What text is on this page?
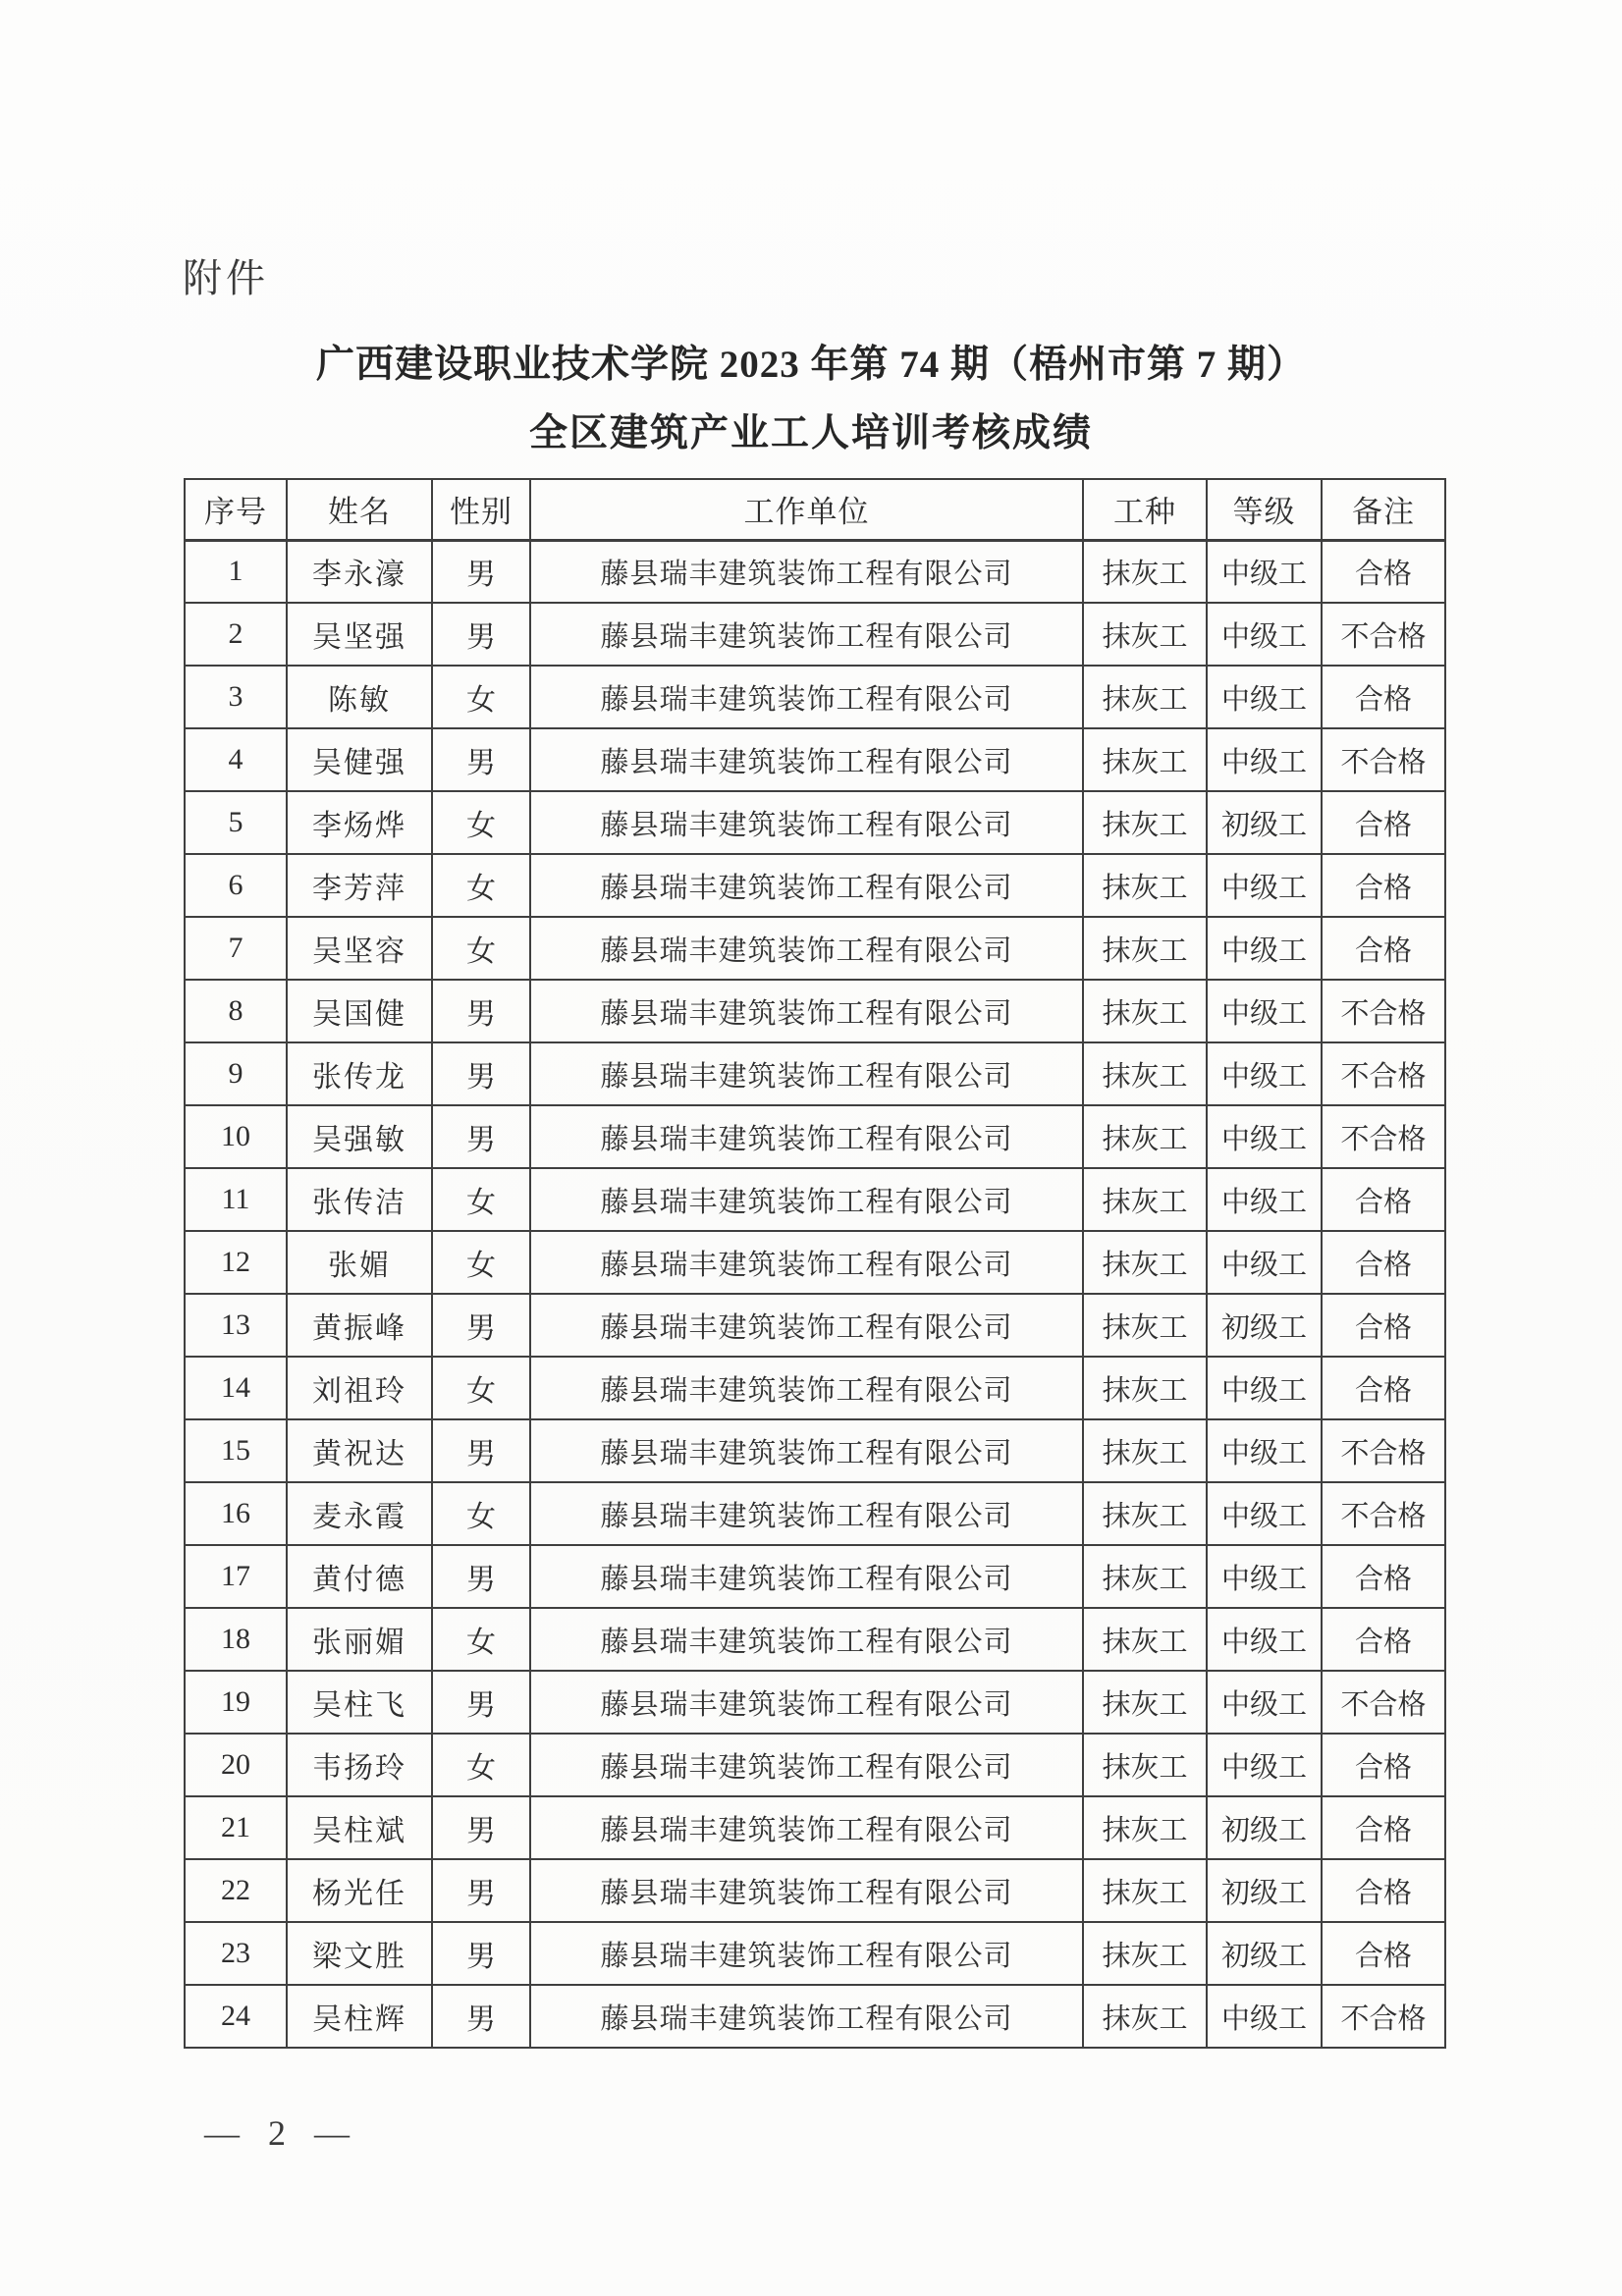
附件
广西建设职业技术学院 2023 年第 74 期（梧州市第 7 期）
全区建筑产业工人培训考核成绩
序号	姓名	性别	工作单位	工种	等级	备注
1	李永濠	男	藤县瑞丰建筑装饰工程有限公司	抹灰工	中级工	合格
2	吴坚强	男	藤县瑞丰建筑装饰工程有限公司	抹灰工	中级工	不合格
3	陈敏	女	藤县瑞丰建筑装饰工程有限公司	抹灰工	中级工	合格
4	吴健强	男	藤县瑞丰建筑装饰工程有限公司	抹灰工	中级工	不合格
5	李炀烨	女	藤县瑞丰建筑装饰工程有限公司	抹灰工	初级工	合格
6	李芳萍	女	藤县瑞丰建筑装饰工程有限公司	抹灰工	中级工	合格
7	吴坚容	女	藤县瑞丰建筑装饰工程有限公司	抹灰工	中级工	合格
8	吴国健	男	藤县瑞丰建筑装饰工程有限公司	抹灰工	中级工	不合格
9	张传龙	男	藤县瑞丰建筑装饰工程有限公司	抹灰工	中级工	不合格
10	吴强敏	男	藤县瑞丰建筑装饰工程有限公司	抹灰工	中级工	不合格
11	张传洁	女	藤县瑞丰建筑装饰工程有限公司	抹灰工	中级工	合格
12	张媚	女	藤县瑞丰建筑装饰工程有限公司	抹灰工	中级工	合格
13	黄振峰	男	藤县瑞丰建筑装饰工程有限公司	抹灰工	初级工	合格
14	刘祖玲	女	藤县瑞丰建筑装饰工程有限公司	抹灰工	中级工	合格
15	黄祝达	男	藤县瑞丰建筑装饰工程有限公司	抹灰工	中级工	不合格
16	麦永霞	女	藤县瑞丰建筑装饰工程有限公司	抹灰工	中级工	不合格
17	黄付德	男	藤县瑞丰建筑装饰工程有限公司	抹灰工	中级工	合格
18	张丽媚	女	藤县瑞丰建筑装饰工程有限公司	抹灰工	中级工	合格
19	吴柱飞	男	藤县瑞丰建筑装饰工程有限公司	抹灰工	中级工	不合格
20	韦扬玲	女	藤县瑞丰建筑装饰工程有限公司	抹灰工	中级工	合格
21	吴柱斌	男	藤县瑞丰建筑装饰工程有限公司	抹灰工	初级工	合格
22	杨光任	男	藤县瑞丰建筑装饰工程有限公司	抹灰工	初级工	合格
23	梁文胜	男	藤县瑞丰建筑装饰工程有限公司	抹灰工	初级工	合格
24	吴柱辉	男	藤县瑞丰建筑装饰工程有限公司	抹灰工	中级工	不合格
— 2 —
